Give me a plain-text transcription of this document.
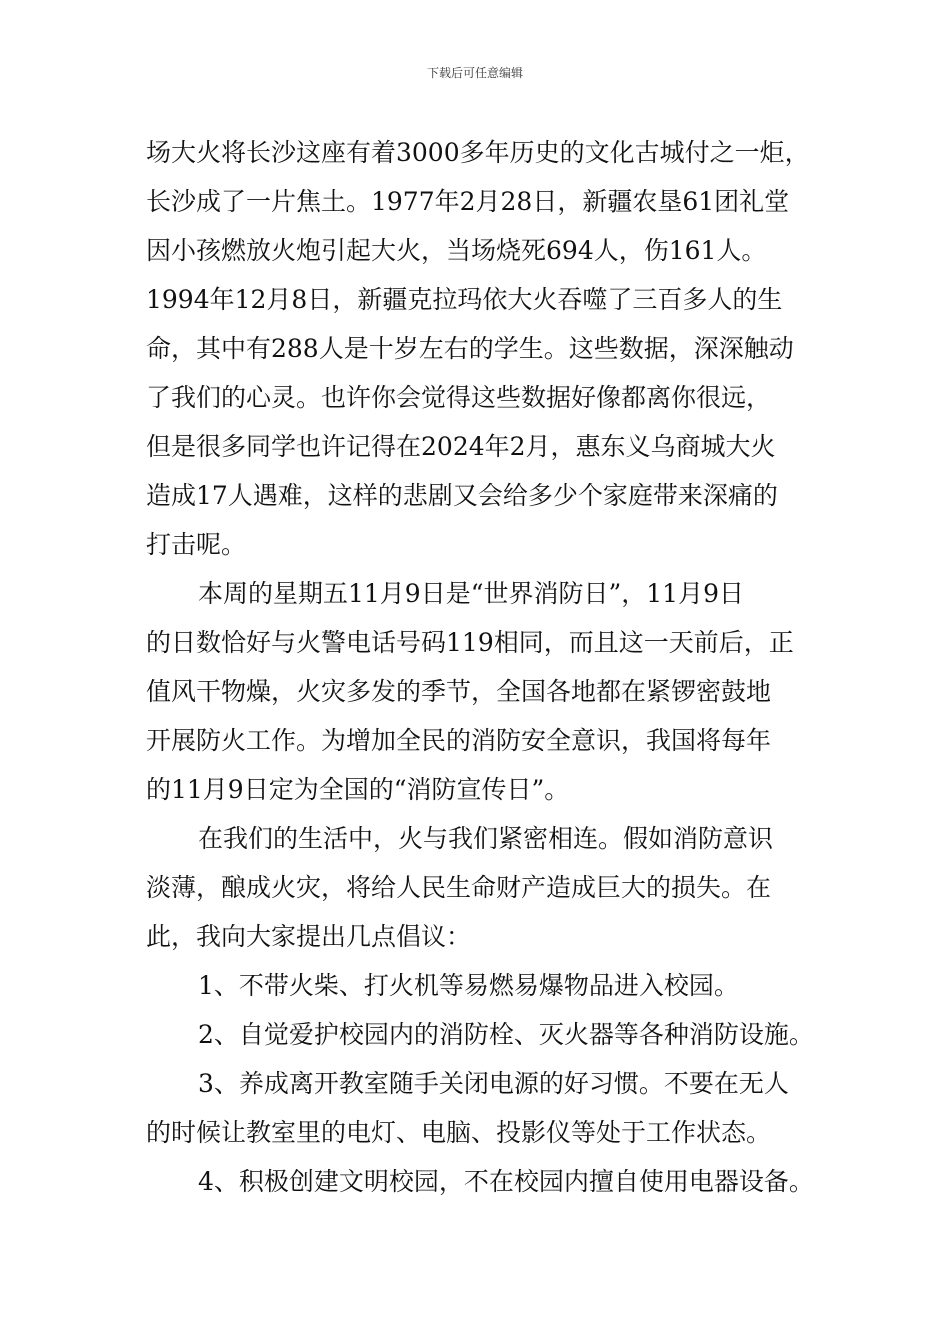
下载后可任意编辑
场大火将长沙这座有着3000多年历史的文化古城付之一炬，
长沙成了一片焦土。1977年2月28日，新疆农垦61团礼堂
因小孩燃放火炮引起大火，当场烧死694人，伤161人。
1994年12月8日，新疆克拉玛依大火吞噬了三百多人的生
命，其中有288人是十岁左右的学生。这些数据，深深触动
了我们的心灵。也许你会觉得这些数据好像都离你很远，
但是很多同学也许记得在2024年2月，惠东义乌商城大火
造成17人遇难，这样的悲剧又会给多少个家庭带来深痛的
打击呢。
本周的星期五11月9日是“世界消防日”，11月9日
的日数恰好与火警电话号码119相同，而且这一天前后，正
值风干物燥，火灾多发的季节，全国各地都在紧锣密鼓地
开展防火工作。为增加全民的消防安全意识，我国将每年
的11月9日定为全国的“消防宣传日”。
在我们的生活中，火与我们紧密相连。假如消防意识
淡薄，酿成火灾，将给人民生命财产造成巨大的损失。在
此，我向大家提出几点倡议：
1、不带火柴、打火机等易燃易爆物品进入校园。
2、自觉爱护校园内的消防栓、灭火器等各种消防设施。
3、养成离开教室随手关闭电源的好习惯。不要在无人
的时候让教室里的电灯、电脑、投影仪等处于工作状态。
4、积极创建文明校园，不在校园内擅自使用电器设备。
